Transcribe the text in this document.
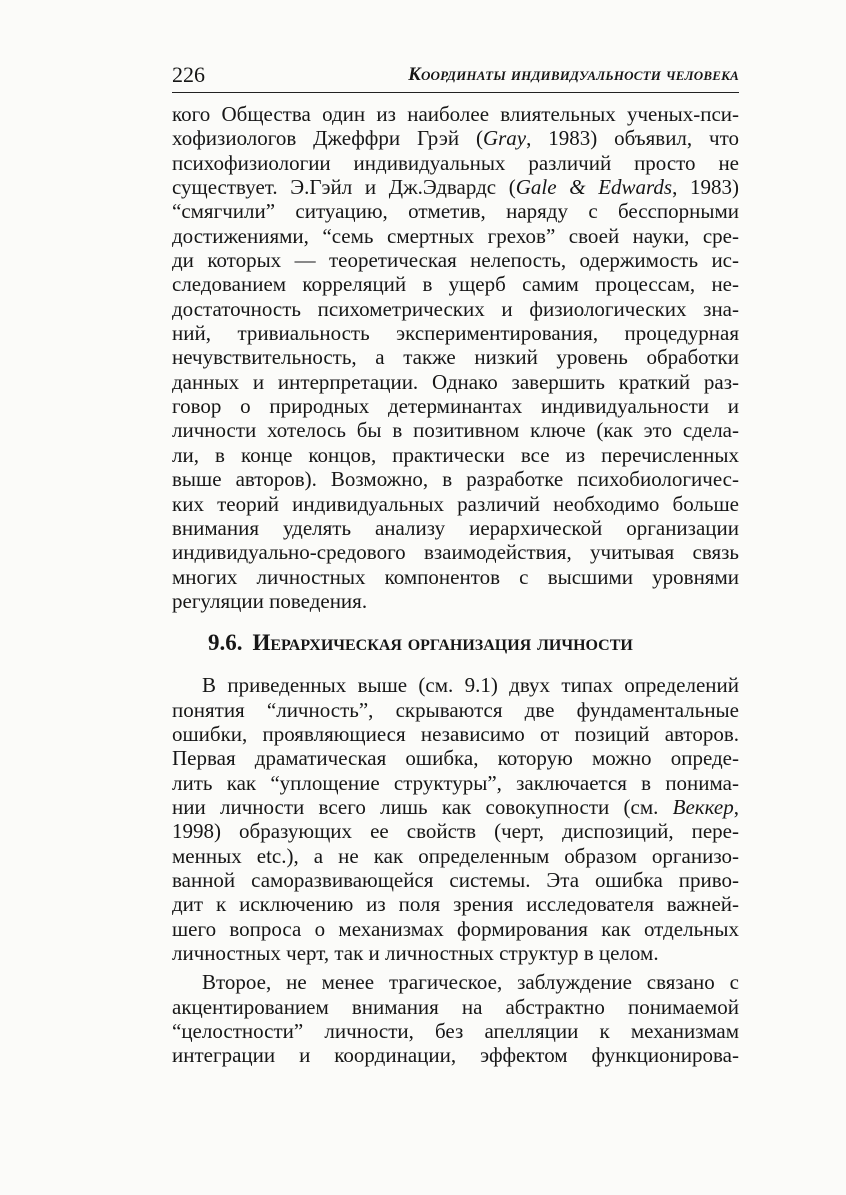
226	Координаты индивидуальности человека
кого Общества один из наиболее влиятельных ученых-пси-
хофизиологов Джеффри Грэй (Gray, 1983) объявил, что
психофизиологии индивидуальных различий просто не
существует. Э.Гэйл и Дж.Эдвардс (Gale & Edwards, 1983)
“смягчили” ситуацию, отметив, наряду с бесспорными
достижениями, “семь смертных грехов” своей науки, сре-
ди которых — теоретическая нелепость, одержимость ис-
следованием корреляций в ущерб самим процессам, не-
достаточность психометрических и физиологических зна-
ний, тривиальность экспериментирования, процедурная
нечувствительность, а также низкий уровень обработки
данных и интерпретации. Однако завершить краткий раз-
говор о природных детерминантах индивидуальности и
личности хотелось бы в позитивном ключе (как это сдела-
ли, в конце концов, практически все из перечисленных
выше авторов). Возможно, в разработке психобиологичес-
ких теорий индивидуальных различий необходимо больше
внимания уделять анализу иерархической организации
индивидуально-средового взаимодействия, учитывая связь
многих личностных компонентов с высшими уровнями
регуляции поведения.
9.6. Иерархическая организация личности
В приведенных выше (см. 9.1) двух типах определений
понятия “личность”, скрываются две фундаментальные
ошибки, проявляющиеся независимо от позиций авторов.
Первая драматическая ошибка, которую можно опреде-
лить как “уплощение структуры”, заключается в понима-
нии личности всего лишь как совокупности (см. Веккер,
1998) образующих ее свойств (черт, диспозиций, пере-
менных etc.), а не как определенным образом организо-
ванной саморазвивающейся системы. Эта ошибка приво-
дит к исключению из поля зрения исследователя важней-
шего вопроса о механизмах формирования как отдельных
личностных черт, так и личностных структур в целом.
Второе, не менее трагическое, заблуждение связано с
акцентированием внимания на абстрактно понимаемой
“целостности” личности, без апелляции к механизмам
интеграции и координации, эффектом функционирова-
